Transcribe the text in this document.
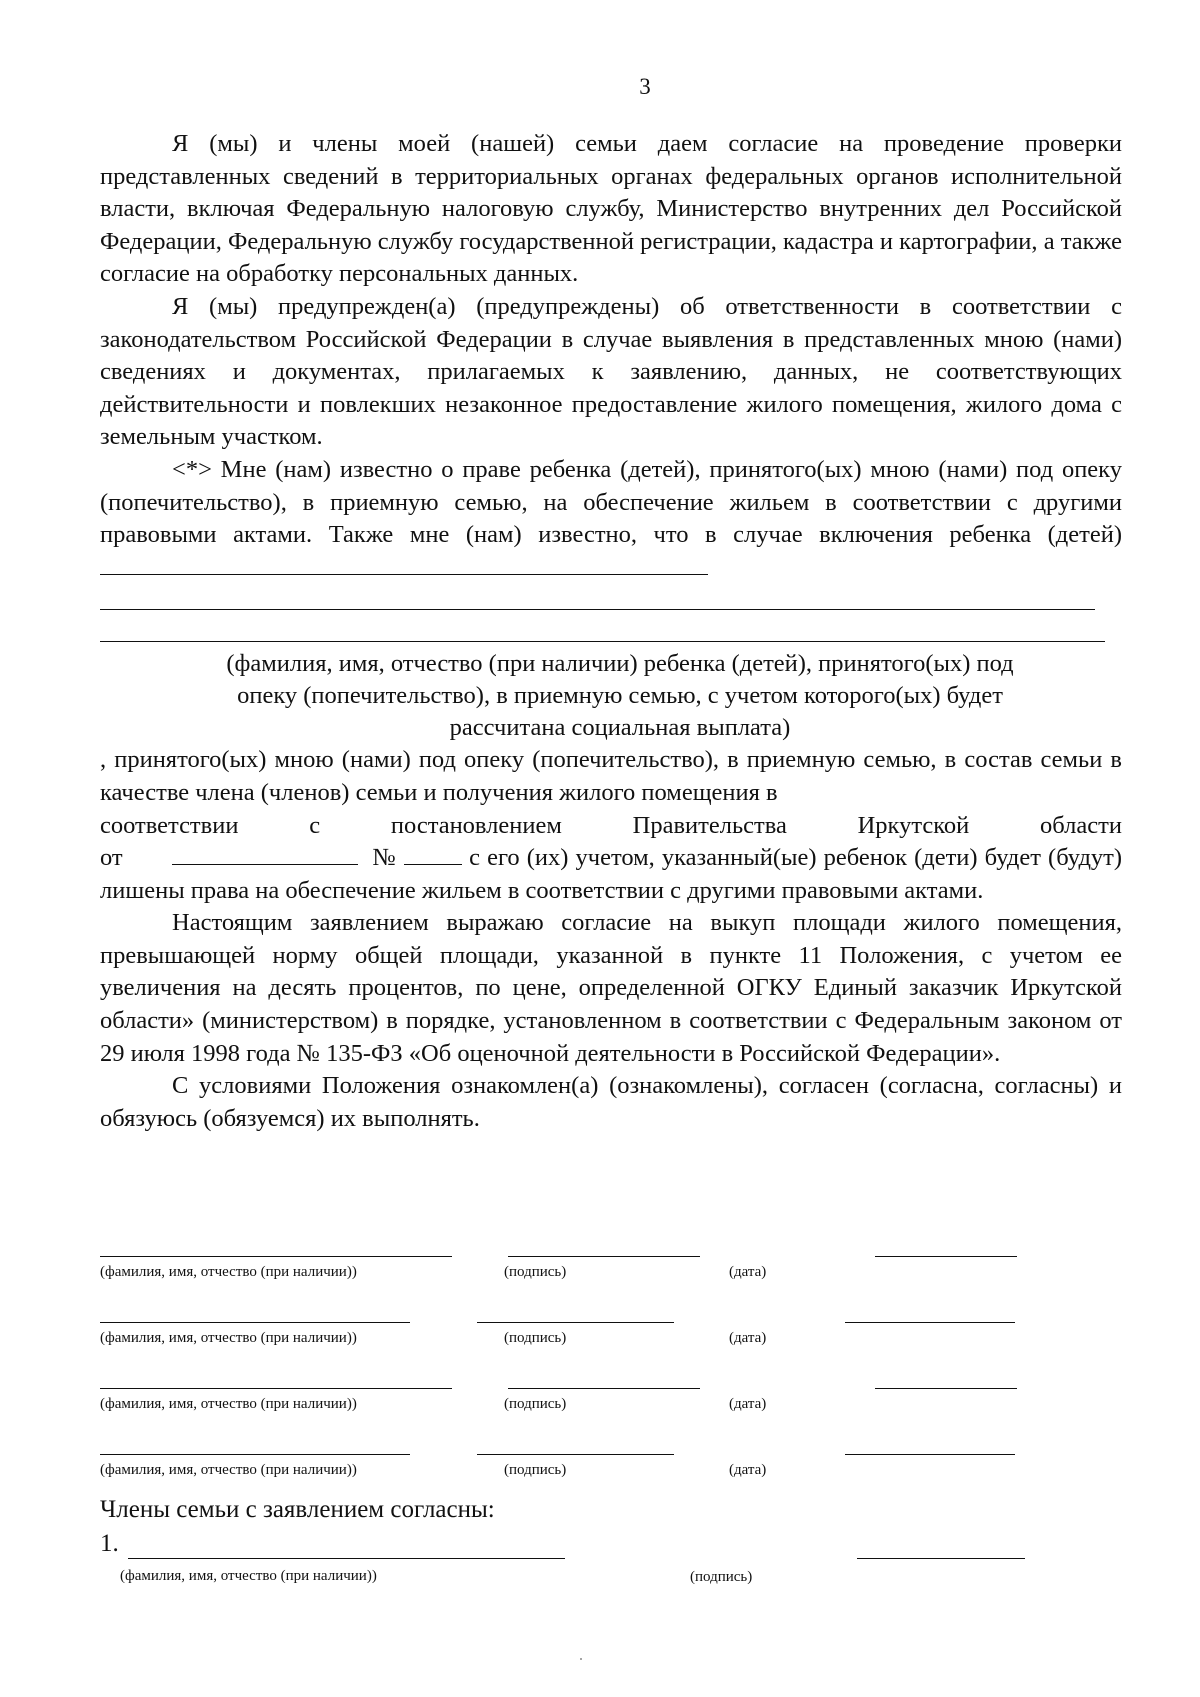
3

Я (мы) и члены моей (нашей) семьи даем согласие на проведение проверки представленных сведений в территориальных органах федеральных органов исполнительной власти, включая Федеральную налоговую службу, Министерство внутренних дел Российской Федерации, Федеральную службу государственной регистрации, кадастра и картографии, а также согласие на обработку персональных данных.

Я (мы) предупрежден(а) (предупреждены) об ответственности в соответствии с законодательством Российской Федерации в случае выявления в представленных мною (нами) сведениях и документах, прилагаемых к заявлению, данных, не соответствующих действительности и повлекших незаконное предоставление жилого помещения, жилого дома с земельным участком.

<*> Мне (нам) известно о праве ребенка (детей), принятого(ых) мною (нами) под опеку (попечительство), в приемную семью, на обеспечение жильем в соответствии с другими правовыми актами. Также мне (нам) известно, что в случае включения ребенка (детей)

(фамилия, имя, отчество (при наличии) ребенка (детей), принятого(ых) под
опеку (попечительство), в приемную семью, с учетом которого(ых) будет
рассчитана социальная выплата)

, принятого(ых) мною (нами) под опеку (попечительство), в приемную семью, в состав семьи в качестве члена (членов) семьи и получения жилого помещения в

соответствии	с	постановлением	Правительства	Иркутской	области

от	№	с его (их) учетом, указанный(ые) ребенок (дети) будет (будут) лишены права на обеспечение жильем в соответствии с другими правовыми актами.

Настоящим заявлением выражаю согласие на выкуп площади жилого помещения, превышающей норму общей площади, указанной в пункте 11 Положения, с учетом ее увеличения на десять процентов, по цене, определенной ОГКУ Единый заказчик Иркутской области» (министерством) в порядке, установленном в соответствии с Федеральным законом от 29 июля 1998 года № 135-ФЗ «Об оценочной деятельности в Российской Федерации».

С условиями Положения ознакомлен(а) (ознакомлены), согласен (согласна, согласны) и обязуюсь (обязуемся) их выполнять.

(фамилия, имя, отчество (при наличии))	(подпись)	(дата)
(фамилия, имя, отчество (при наличии))	(подпись)	(дата)
(фамилия, имя, отчество (при наличии))	(подпись)	(дата)
(фамилия, имя, отчество (при наличии))	(подпись)	(дата)
Члены семьи с заявлением согласны:
1.
(фамилия, имя, отчество (при наличии))	(подпись)
